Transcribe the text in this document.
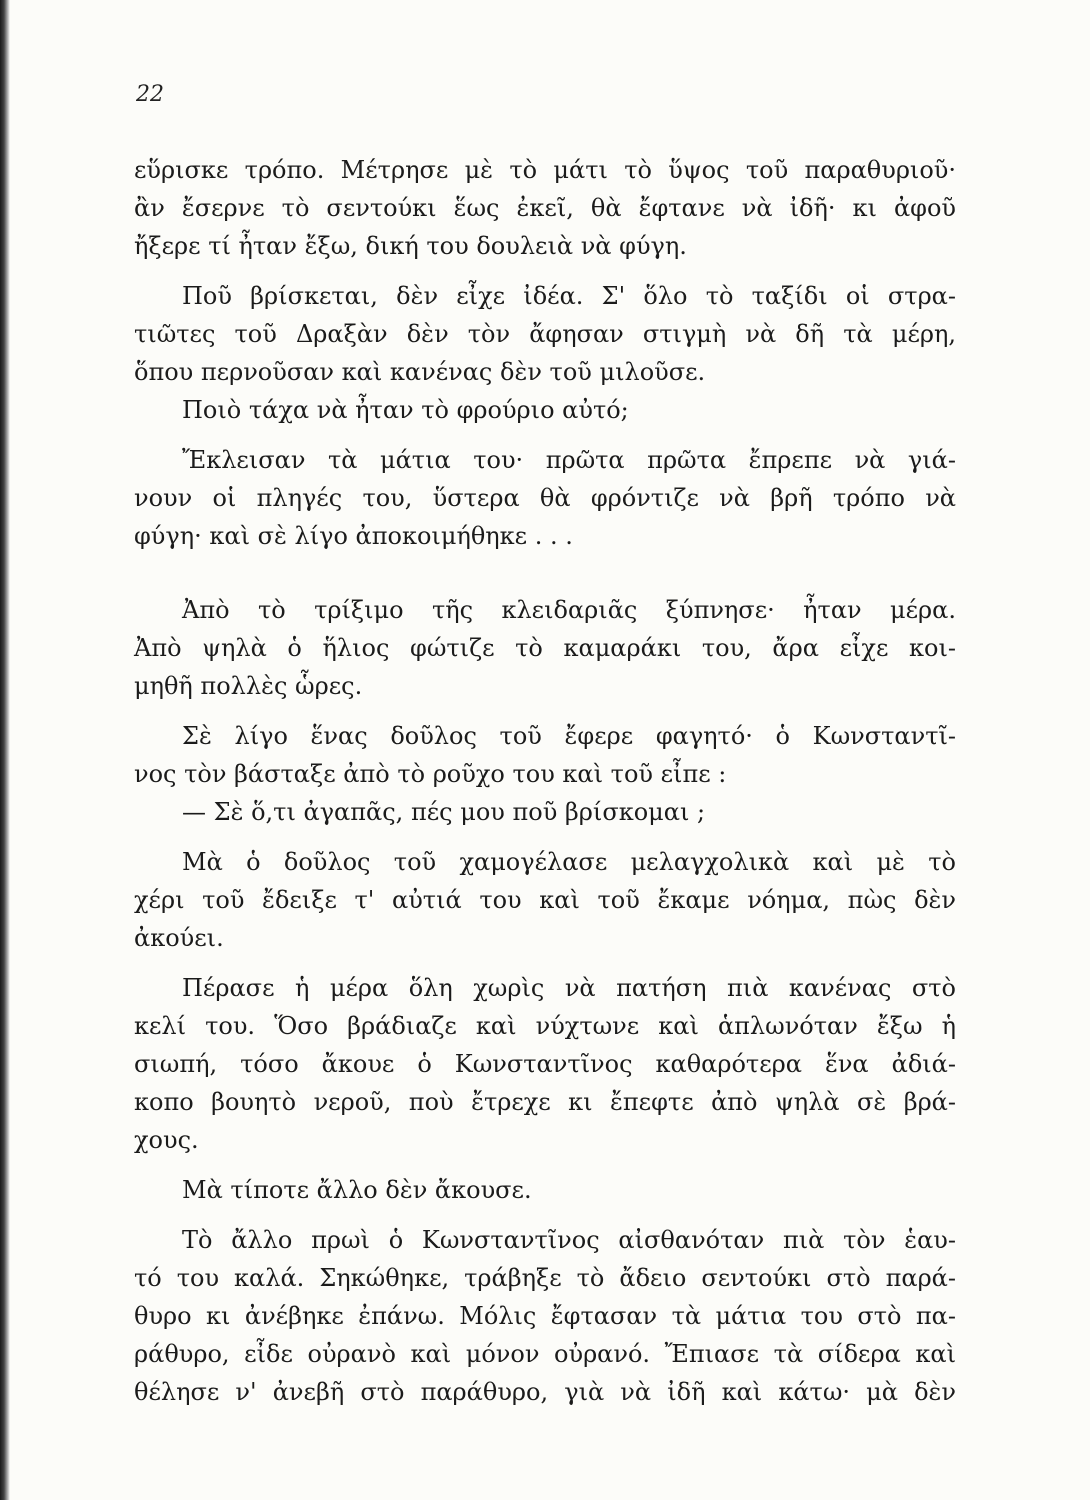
22
εὕρισκε τρόπο. Μέτρησε μὲ τὸ μάτι τὸ ὕψος τοῦ παραθυριοῦ·
ἂν ἔσερνε τὸ σεντούκι ἕως ἐκεῖ, θὰ ἔφτανε νὰ ἰδῆ· κι ἀφοῦ
ἤξερε τί ἦταν ἔξω, δική του δουλειὰ νὰ φύγη.
Ποῦ βρίσκεται, δὲν εἶχε ἰδέα. Σ' ὅλο τὸ ταξίδι οἱ στρα-
τιῶτες τοῦ Δραξὰν δὲν τὸν ἄφησαν στιγμὴ νὰ δῆ τὰ μέρη,
ὅπου περνοῦσαν καὶ κανένας δὲν τοῦ μιλοῦσε.
Ποιὸ τάχα νὰ ἦταν τὸ φρούριο αὐτό;
Ἔκλεισαν τὰ μάτια του· πρῶτα πρῶτα ἔπρεπε νὰ γιά-
νουν οἱ πληγές του, ὕστερα θὰ φρόντιζε νὰ βρῆ τρόπο νὰ
φύγη· καὶ σὲ λίγο ἀποκοιμήθηκε . . .
Ἀπὸ τὸ τρίξιμο τῆς κλειδαριᾶς ξύπνησε· ἦταν μέρα.
Ἀπὸ ψηλὰ ὁ ἥλιος φώτιζε τὸ καμαράκι του, ἄρα εἶχε κοι-
μηθῆ πολλὲς ὧρες.
Σὲ λίγο ἕνας δοῦλος τοῦ ἔφερε φαγητό· ὁ Κωνσταντῖ-
νος τὸν βάσταξε ἀπὸ τὸ ροῦχο του καὶ τοῦ εἶπε :
— Σὲ ὅ,τι ἀγαπᾶς, πές μου ποῦ βρίσκομαι ;
Μὰ ὁ δοῦλος τοῦ χαμογέλασε μελαγχολικὰ καὶ μὲ τὸ
χέρι τοῦ ἔδειξε τ' αὐτιά του καὶ τοῦ ἔκαμε νόημα, πὼς δὲν
ἀκούει.
Πέρασε ἡ μέρα ὅλη χωρὶς νὰ πατήση πιὰ κανένας στὸ
κελί του. Ὅσο βράδιαζε καὶ νύχτωνε καὶ ἁπλωνόταν ἔξω ἡ
σιωπή, τόσο ἄκουε ὁ Κωνσταντῖνος καθαρότερα ἕνα ἀδιά-
κοπο βουητὸ νεροῦ, ποὺ ἔτρεχε κι ἔπεφτε ἀπὸ ψηλὰ σὲ βρά-
χους.
Μὰ τίποτε ἄλλο δὲν ἄκουσε.
Τὸ ἄλλο πρωὶ ὁ Κωνσταντῖνος αἰσθανόταν πιὰ τὸν ἑαυ-
τό του καλά. Σηκώθηκε, τράβηξε τὸ ἄδειο σεντούκι στὸ παρά-
θυρο κι ἀνέβηκε ἐπάνω. Μόλις ἔφτασαν τὰ μάτια του στὸ πα-
ράθυρο, εἶδε οὐρανὸ καὶ μόνον οὐρανό. Ἔπιασε τὰ σίδερα καὶ
θέλησε ν' ἀνεβῆ στὸ παράθυρο, γιὰ νὰ ἰδῆ καὶ κάτω· μὰ δὲν
